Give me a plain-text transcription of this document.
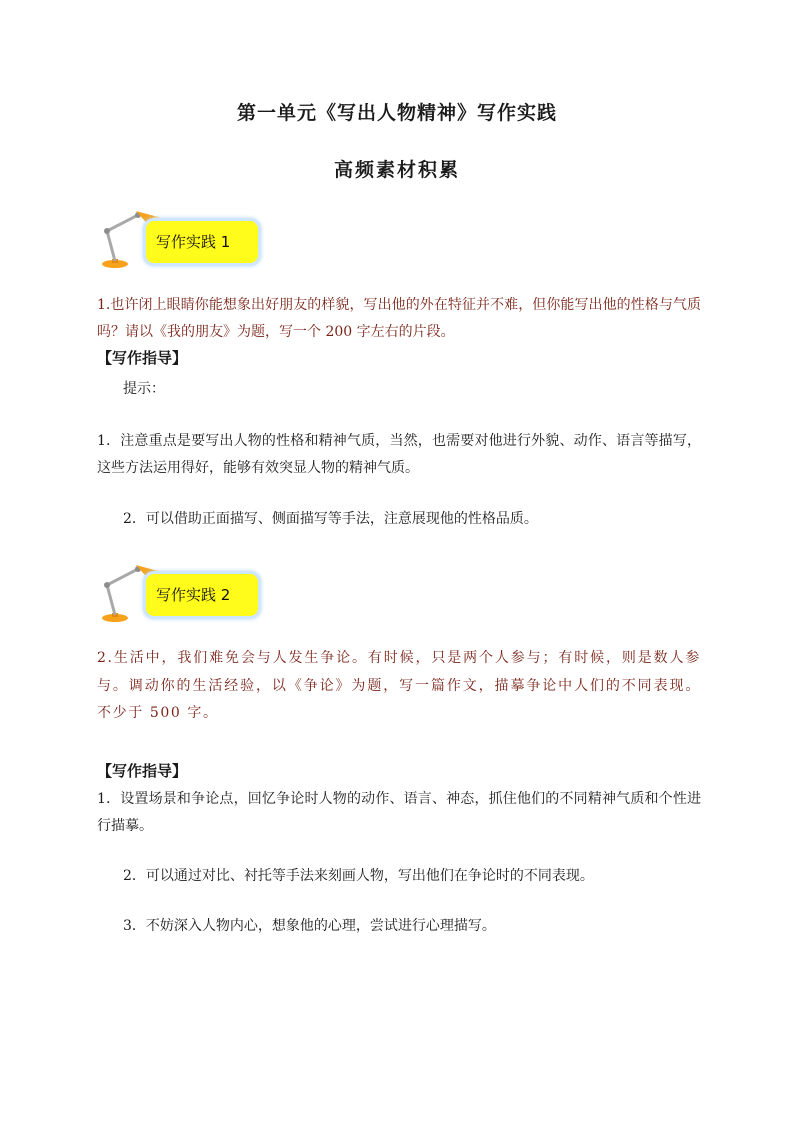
第一单元《写出人物精神》写作实践
高频素材积累
写作实践 1
1.也许闭上眼睛你能想象出好朋友的样貌，写出他的外在特征并不难，但你能写出他的性格与气质吗？请以《我的朋友》为题，写一个 200 字左右的片段。
【写作指导】
提示：
1．注意重点是要写出人物的性格和精神气质，当然，也需要对他进行外貌、动作、语言等描写，这些方法运用得好，能够有效突显人物的精神气质。
2．可以借助正面描写、侧面描写等手法，注意展现他的性格品质。
写作实践 2
2.生活中，我们难免会与人发生争论。有时候，只是两个人参与；有时候，则是数人参与。调动你的生活经验，以《争论》为题，写一篇作文，描摹争论中人们的不同表现。不少于 500 字。
【写作指导】
1．设置场景和争论点，回忆争论时人物的动作、语言、神态，抓住他们的不同精神气质和个性进行描摹。
2．可以通过对比、衬托等手法来刻画人物，写出他们在争论时的不同表现。
3．不妨深入人物内心，想象他的心理，尝试进行心理描写。
